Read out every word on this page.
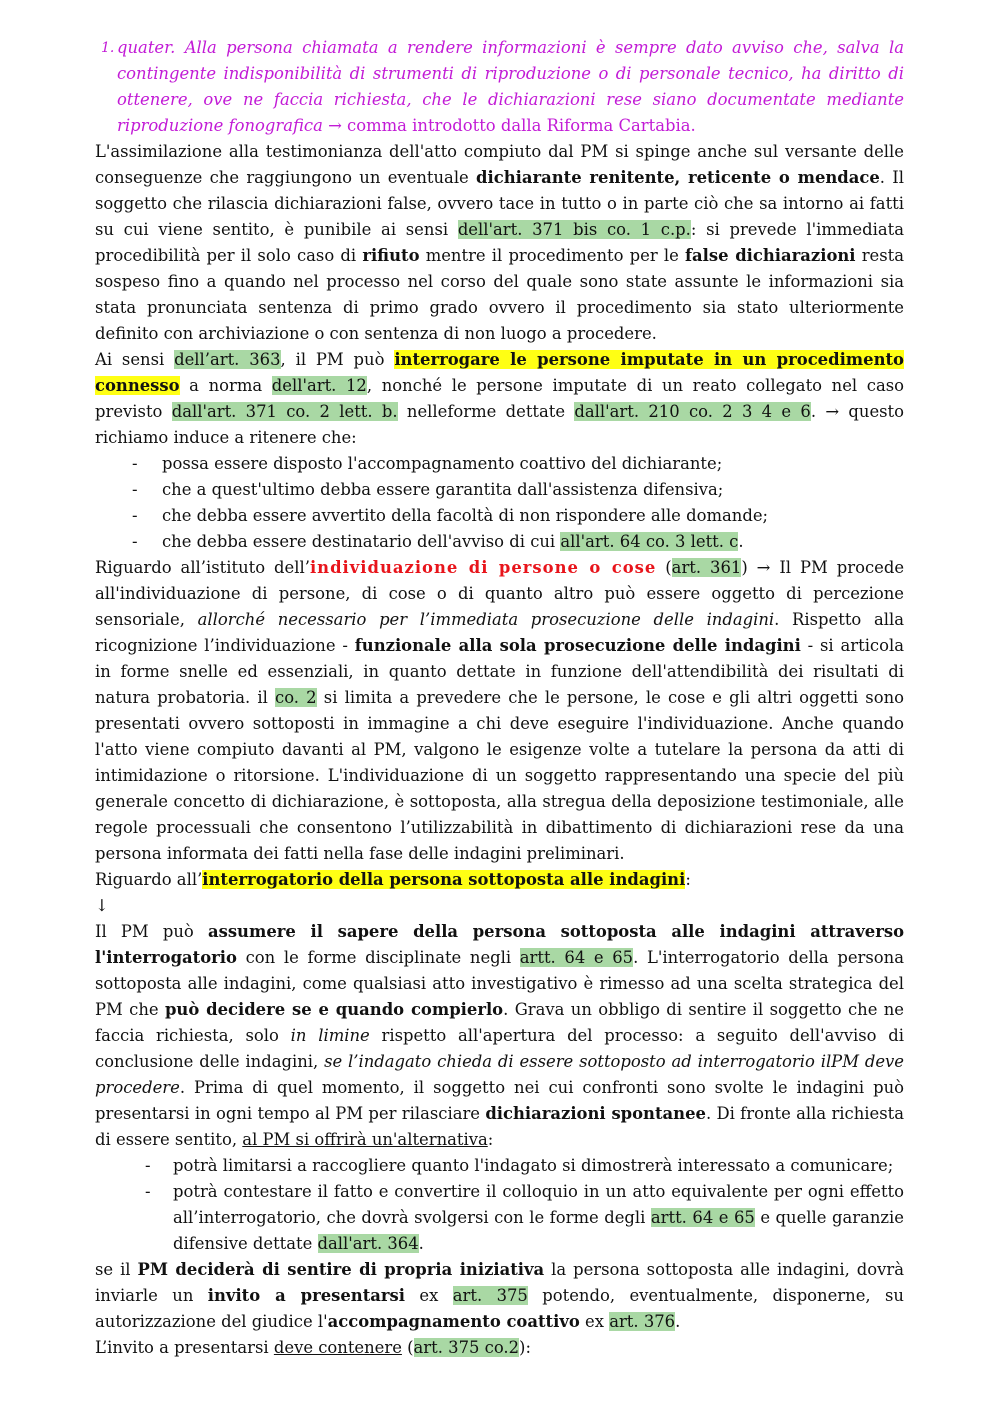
1. quater. Alla persona chiamata a rendere informazioni è sempre dato avviso che, salva la contingente indisponibilità di strumenti di riproduzione o di personale tecnico, ha diritto di ottenere, ove ne faccia richiesta, che le dichiarazioni rese siano documentate mediante riproduzione fonografica → comma introdotto dalla Riforma Cartabia.

L'assimilazione alla testimonianza dell'atto compiuto dal PM si spinge anche sul versante delle conseguenze che raggiungono un eventuale dichiarante renitente, reticente o mendace. Il soggetto che rilascia dichiarazioni false, ovvero tace in tutto o in parte ciò che sa intorno ai fatti su cui viene sentito, è punibile ai sensi dell'art. 371 bis co. 1 c.p.: si prevede l'immediata procedibilità per il solo caso di rifiuto mentre il procedimento per le false dichiarazioni resta sospeso fino a quando nel processo nel corso del quale sono state assunte le informazioni sia stata pronunciata sentenza di primo grado ovvero il procedimento sia stato ulteriormente definito con archiviazione o con sentenza di non luogo a procedere.

Ai sensi dell’art. 363, il PM può interrogare le persone imputate in un procedimento connesso a norma dell'art. 12, nonché le persone imputate di un reato collegato nel caso previsto dall'art. 371 co. 2 lett. b. nelleforme dettate dall'art. 210 co. 2 3 4 e 6. → questo richiamo induce a ritenere che:

- possa essere disposto l'accompagnamento coattivo del dichiarante;
- che a quest'ultimo debba essere garantita dall'assistenza difensiva;
- che debba essere avvertito della facoltà di non rispondere alle domande;
- che debba essere destinatario dell'avviso di cui all'art. 64 co. 3 lett. c.

Riguardo all’istituto dell’individuazione di persone o cose (art. 361) → Il PM procede all'individuazione di persone, di cose o di quanto altro può essere oggetto di percezione sensoriale, allorché necessario per l’immediata prosecuzione delle indagini. Rispetto alla ricognizione l’individuazione - funzionale alla sola prosecuzione delle indagini - si articola in forme snelle ed essenziali, in quanto dettate in funzione dell'attendibilità dei risultati di natura probatoria. il co. 2 si limita a prevedere che le persone, le cose e gli altri oggetti sono presentati ovvero sottoposti in immagine a chi deve eseguire l'individuazione. Anche quando l'atto viene compiuto davanti al PM, valgono le esigenze volte a tutelare la persona da atti di intimidazione o ritorsione. L'individuazione di un soggetto rappresentando una specie del più generale concetto di dichiarazione, è sottoposta, alla stregua della deposizione testimoniale, alle regole processuali che consentono l’utilizzabilità in dibattimento di dichiarazioni rese da una persona informata dei fatti nella fase delle indagini preliminari.

Riguardo all’interrogatorio della persona sottoposta alle indagini:

↓

Il PM può assumere il sapere della persona sottoposta alle indagini attraverso l'interrogatorio con le forme disciplinate negli artt. 64 e 65. L'interrogatorio della persona sottoposta alle indagini, come qualsiasi atto investigativo è rimesso ad una scelta strategica del PM che può decidere se e quando compierlo. Grava un obbligo di sentire il soggetto che ne faccia richiesta, solo in limine rispetto all'apertura del processo: a seguito dell'avviso di conclusione delle indagini, se l’indagato chieda di essere sottoposto ad interrogatorio ilPM deve procedere. Prima di quel momento, il soggetto nei cui confronti sono svolte le indagini può presentarsi in ogni tempo al PM per rilasciare dichiarazioni spontanee. Di fronte alla richiesta di essere sentito, al PM si offrirà un'alternativa:

- potrà limitarsi a raccogliere quanto l'indagato si dimostrerà interessato a comunicare;
- potrà contestare il fatto e convertire il colloquio in un atto equivalente per ogni effetto all’interrogatorio, che dovrà svolgersi con le forme degli artt. 64 e 65 e quelle garanzie difensive dettate dall'art. 364.

se il PM deciderà di sentire di propria iniziativa la persona sottoposta alle indagini, dovrà inviarle un invito a presentarsi ex art. 375 potendo, eventualmente, disponerne, su autorizzazione del giudice l'accompagnamento coattivo ex art. 376.

L’invito a presentarsi deve contenere (art. 375 co.2):
